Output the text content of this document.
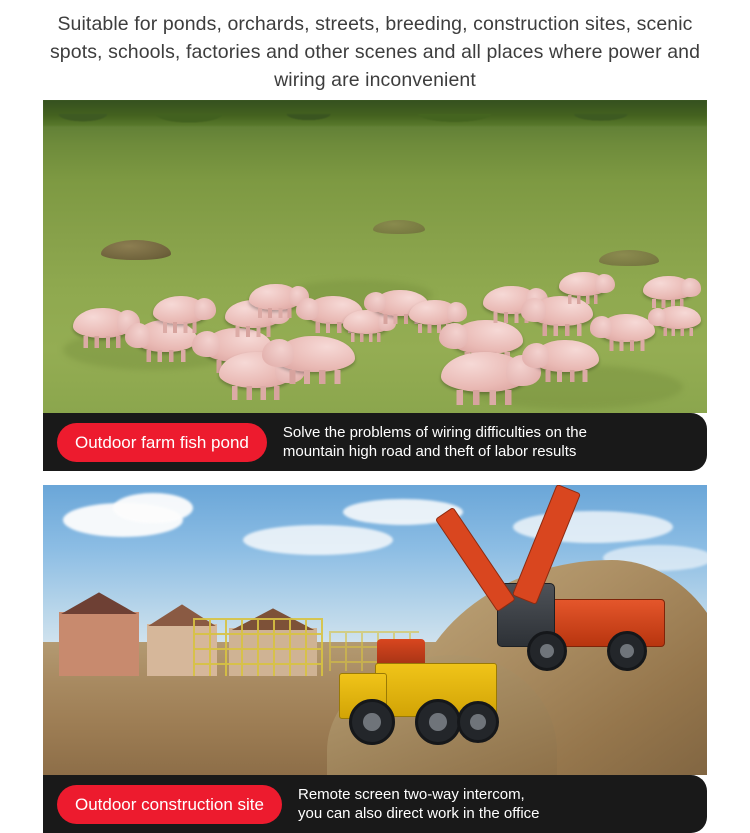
Suitable for ponds, orchards, streets, breeding, construction sites, scenic spots, schools, factories and other scenes and all places where power and wiring are inconvenient
Outdoor farm fish pond	Solve the problems of wiring difficulties on the
mountain high road and theft of labor results
Outdoor construction site	Remote screen two-way intercom,
you can also direct work in the office
